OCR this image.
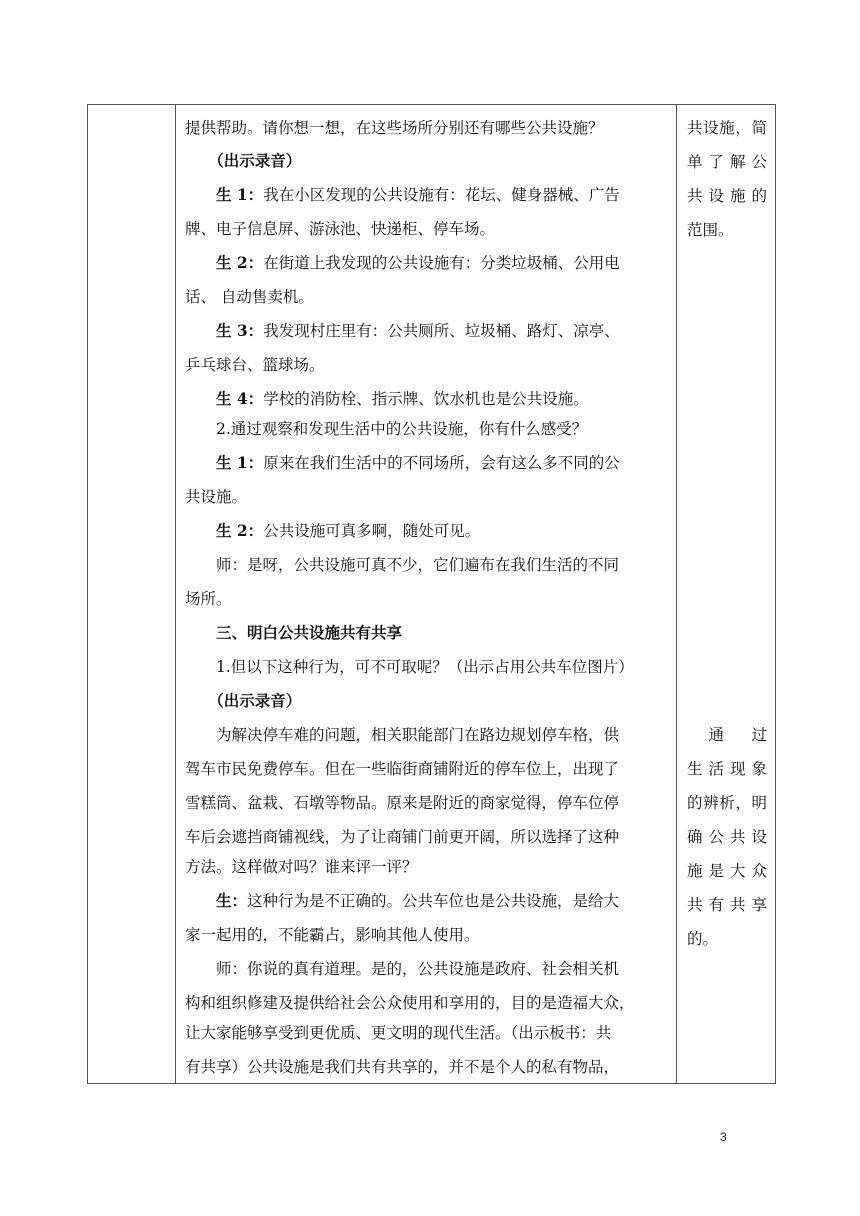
提供帮助。请你想一想，在这些场所分别还有哪些公共设施？
　　（出示录音）
　　生 1：我在小区发现的公共设施有：花坛、健身器械、广告
牌、电子信息屏、游泳池、快递柜、停车场。
　　生 2：在街道上我发现的公共设施有：分类垃圾桶、公用电
话、 自动售卖机。
　　生 3：我发现村庄里有：公共厕所、垃圾桶、路灯、凉亭、
乒乓球台、篮球场。
　　生 4：学校的消防栓、指示牌、饮水机也是公共设施。
　　2.通过观察和发现生活中的公共设施，你有什么感受？
　　生 1：原来在我们生活中的不同场所，会有这么多不同的公
共设施。
　　生 2：公共设施可真多啊，随处可见。
　　师：是呀，公共设施可真不少，它们遍布在我们生活的不同
场所。
　　三、明白公共设施共有共享
　　1.但以下这种行为，可不可取呢？（出示占用公共车位图片）
　　（出示录音）
　　为解决停车难的问题，相关职能部门在路边规划停车格，供
驾车市民免费停车。但在一些临街商铺附近的停车位上，出现了
雪糕筒、盆栽、石墩等物品。原来是附近的商家觉得，停车位停
车后会遮挡商铺视线，为了让商铺门前更开阔，所以选择了这种
方法。这样做对吗？谁来评一评？
　　生：这种行为是不正确的。公共车位也是公共设施，是给大
家一起用的，不能霸占，影响其他人使用。
　　师：你说的真有道理。是的，公共设施是政府、社会相关机
构和组织修建及提供给社会公众使用和享用的，目的是造福大众，
让大家能够享受到更优质、更文明的现代生活。（出示板书：共
有共享）公共设施是我们共有共享的，并不是个人的私有物品，
共设施，简
单了解公
共设施的
范围。
　通　过
生活现象
的辨析，明
确公共设
施是大众
共有共享
的。
3
